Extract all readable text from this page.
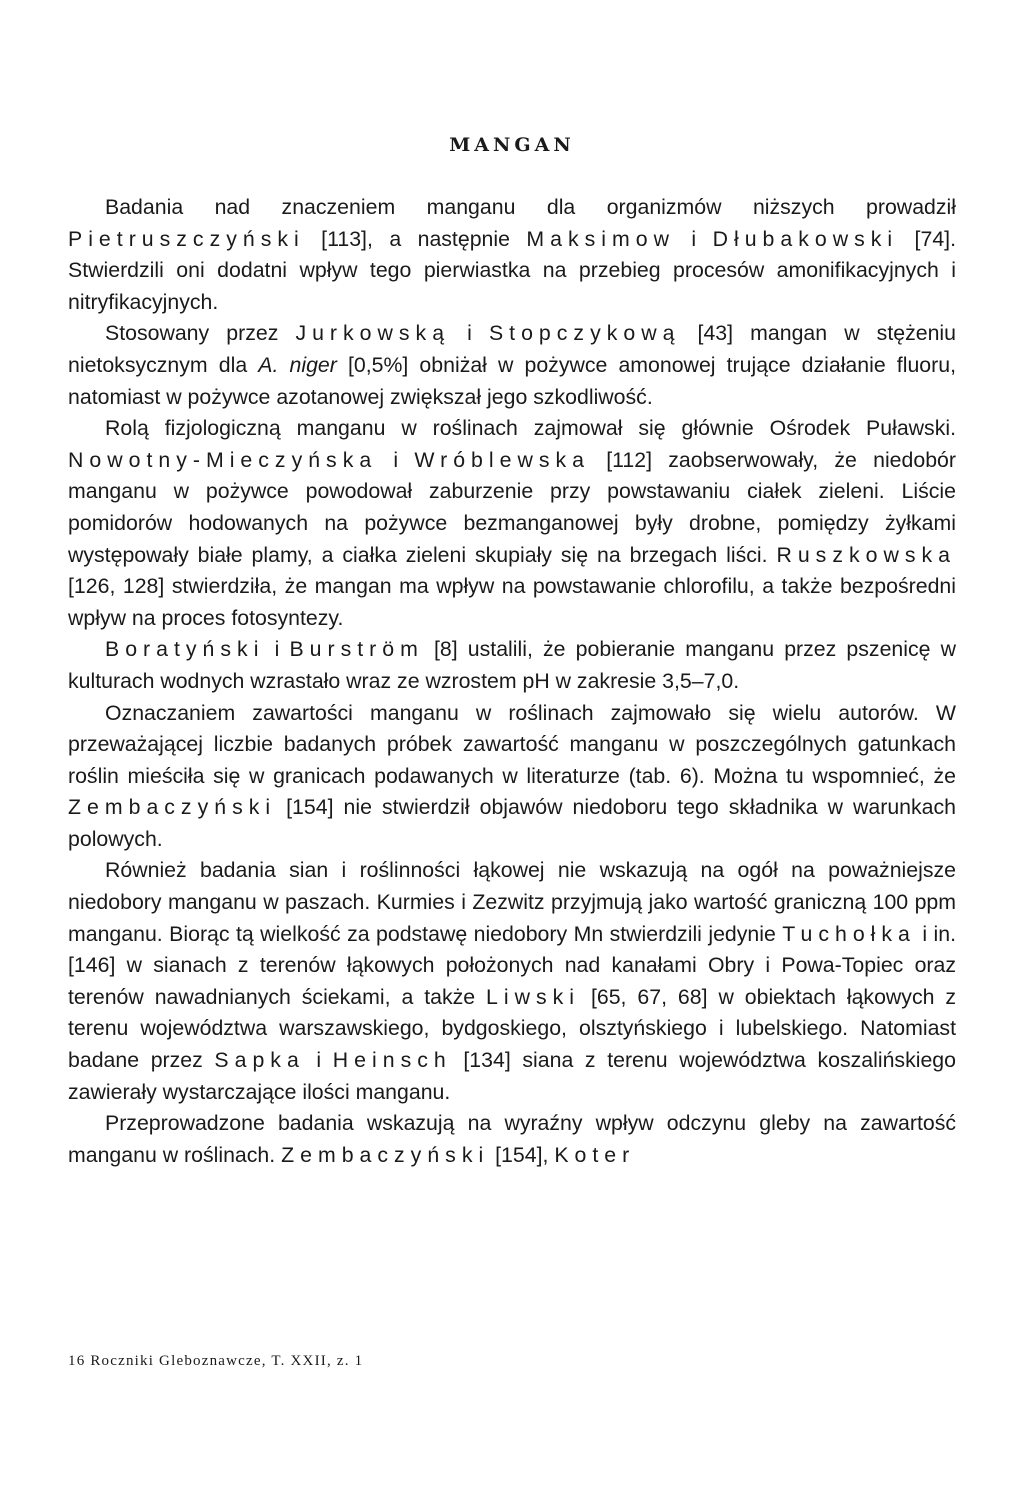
MANGAN

Badania nad znaczeniem manganu dla organizmów niższych prowadził Pietruszczyński [113], a następnie Maksimow i Dłubakowski [74]. Stwierdzili oni dodatni wpływ tego pierwiastka na przebieg procesów amonifikacyjnych i nitryfikacyjnych.

Stosowany przez Jurkowską i Stopczykową [43] mangan w stężeniu nietoksycznym dla A. niger [0,5%] obniżał w pożywce amonowej trujące działanie fluoru, natomiast w pożywce azotanowej zwiększał jego szkodliwość.

Rolą fizjologiczną manganu w roślinach zajmował się głównie Ośrodek Puławski. Nowotny-Mieczyńska i Wróblewska [112] zaobserwowały, że niedobór manganu w pożywce powodował zaburzenie przy powstawaniu ciałek zieleni. Liście pomidorów hodowanych na pożywce bezmanganowej były drobne, pomiędzy żyłkami występowały białe plamy, a ciałka zieleni skupiały się na brzegach liści. Ruszkowska [126, 128] stwierdziła, że mangan ma wpływ na powstawanie chlorofilu, a także bezpośredni wpływ na proces fotosyntezy.

Boratyński i Burström [8] ustalili, że pobieranie manganu przez pszenicę w kulturach wodnych wzrastało wraz ze wzrostem pH w zakresie 3,5–7,0.

Oznaczaniem zawartości manganu w roślinach zajmowało się wielu autorów. W przeważającej liczbie badanych próbek zawartość manganu w poszczególnych gatunkach roślin mieściła się w granicach podawanych w literaturze (tab. 6). Można tu wspomnieć, że Zembaczyński [154] nie stwierdził objawów niedoboru tego składnika w warunkach polowych.

Również badania sian i roślinności łąkowej nie wskazują na ogół na poważniejsze niedobory manganu w paszach. Kurmies i Zezwitz przyjmują jako wartość graniczną 100 ppm manganu. Biorąc tą wielkość za podstawę niedobory Mn stwierdzili jedynie Tuchołka i in. [146] w sianach z terenów łąkowych położonych nad kanałami Obry i Powa-Topiec oraz terenów nawadnianych ściekami, a także Liwski [65, 67, 68] w obiektach łąkowych z terenu województwa warszawskiego, bydgoskiego, olsztyńskiego i lubelskiego. Natomiast badane przez Sapka i Heinsch [134] siana z terenu województwa koszalińskiego zawierały wystarczające ilości manganu.

Przeprowadzone badania wskazują na wyraźny wpływ odczynu gleby na zawartość manganu w roślinach. Zembaczyński [154], Koter

16 Roczniki Gleboznawcze, T. XXII, z. 1
